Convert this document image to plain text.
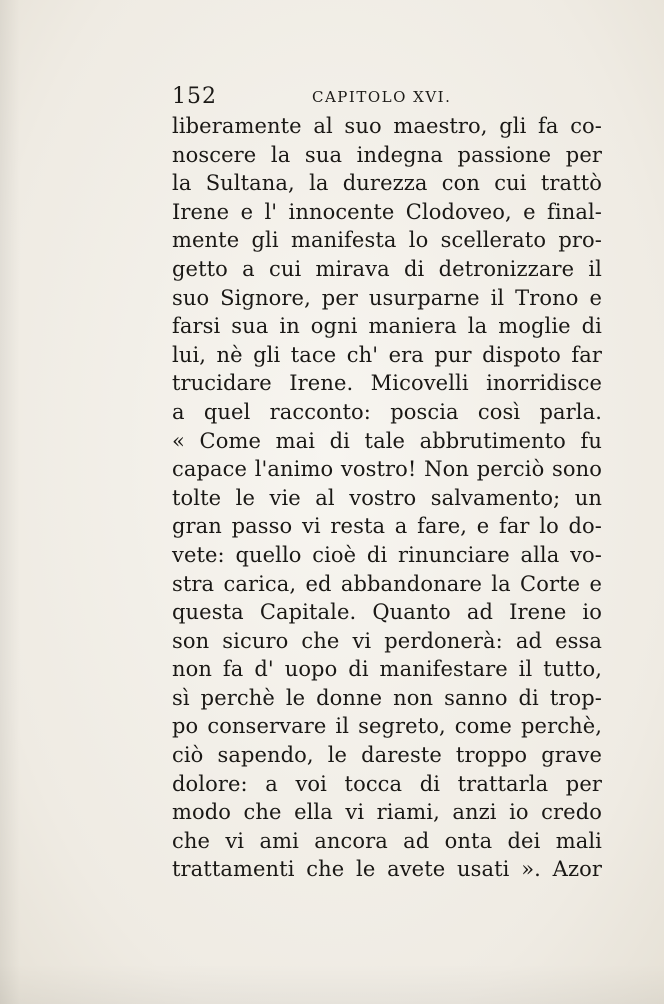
152	CAPITOLO XVI.
liberamente al suo maestro, gli fa co-
noscere la sua indegna passione per
la Sultana, la durezza con cui trattò
Irene e l' innocente Clodoveo, e final-
mente gli manifesta lo scellerato pro-
getto a cui mirava di detronizzare il
suo Signore, per usurparne il Trono e
farsi sua in ogni maniera la moglie di
lui, nè gli tace ch' era pur dispoto far
trucidare Irene. Micovelli inorridisce
a quel racconto: poscia così parla.
« Come mai di tale abbrutimento fu
capace l'animo vostro! Non perciò sono
tolte le vie al vostro salvamento; un
gran passo vi resta a fare, e far lo do-
vete: quello cioè di rinunciare alla vo-
stra carica, ed abbandonare la Corte e
questa Capitale. Quanto ad Irene io
son sicuro che vi perdonerà: ad essa
non fa d' uopo di manifestare il tutto,
sì perchè le donne non sanno di trop-
po conservare il segreto, come perchè,
ciò sapendo, le dareste troppo grave
dolore: a voi tocca di trattarla per
modo che ella vi riami, anzi io credo
che vi ami ancora ad onta dei mali
trattamenti che le avete usati ». Azor
